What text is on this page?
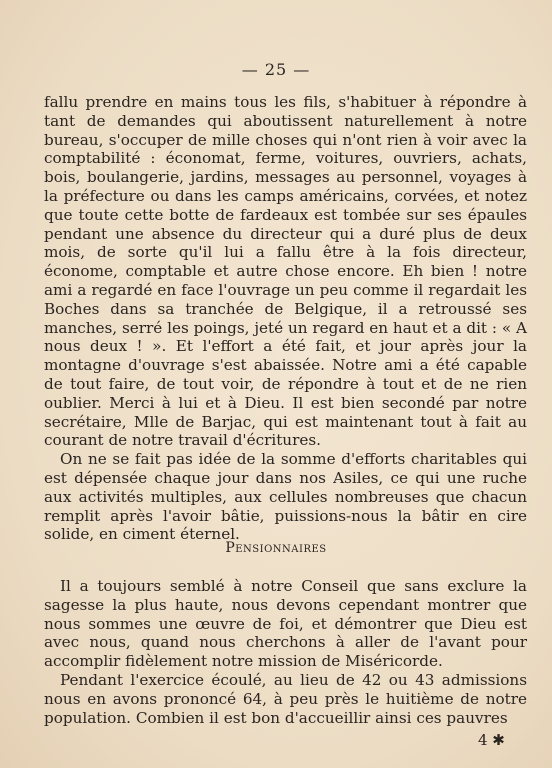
— 25 —

fallu prendre en mains tous les fils, s'habituer à répondre à tant de demandes qui aboutissent naturellement à notre bureau, s'occuper de mille choses qui n'ont rien à voir avec la comptabilité : économat, ferme, voitures, ouvriers, achats, bois, boulangerie, jardins, messages au personnel, voyages à la préfecture ou dans les camps américains, corvées, et notez que toute cette botte de fardeaux est tombée sur ses épaules pendant une absence du directeur qui a duré plus de deux mois, de sorte qu'il lui a fallu être à la fois directeur, économe, comptable et autre chose encore. Eh bien ! notre ami a regardé en face l'ouvrage un peu comme il regardait les Boches dans sa tranchée de Belgique, il a retroussé ses manches, serré les poings, jeté un regard en haut et a dit : « A nous deux ! ». Et l'effort a été fait, et jour après jour la montagne d'ouvrage s'est abaissée. Notre ami a été capable de tout faire, de tout voir, de répondre à tout et de ne rien oublier. Merci à lui et à Dieu. Il est bien secondé par notre secrétaire, Mlle de Barjac, qui est maintenant tout à fait au courant de notre travail d'écritures.

On ne se fait pas idée de la somme d'efforts charitables qui est dépensée chaque jour dans nos Asiles, ce qui une ruche aux activités multiples, aux cellules nombreuses que chacun remplit après l'avoir bâtie, puissions-nous la bâtir en cire solide, en ciment éternel.

Pensionnaires

Il a toujours semblé à notre Conseil que sans exclure la sagesse la plus haute, nous devons cependant montrer que nous sommes une œuvre de foi, et démontrer que Dieu est avec nous, quand nous cherchons à aller de l'avant pour accomplir fidèlement notre mission de Miséricorde.

Pendant l'exercice écoulé, au lieu de 42 ou 43 admissions nous en avons prononcé 64, à peu près le huitième de notre population. Combien il est bon d'accueillir ainsi ces pauvres

4 ✱
